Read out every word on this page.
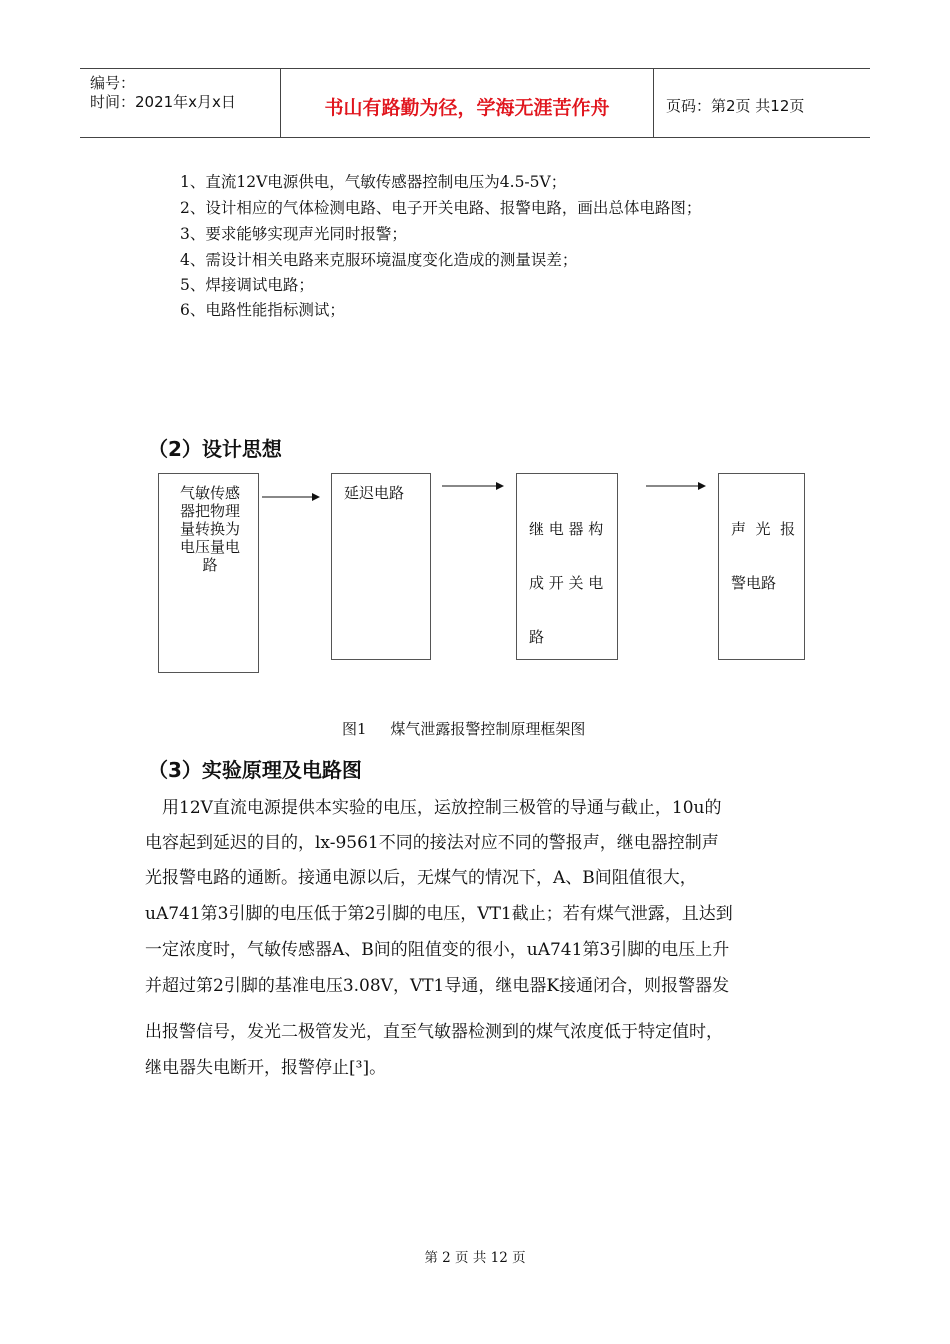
编号：
时间：2021年x月x日	书山有路勤为径，学海无涯苦作舟	页码：第2页 共12页
1、直流12V电源供电，气敏传感器控制电压为4.5-5V；
2、设计相应的气体检测电路、电子开关电路、报警电路，画出总体电路图；
3、要求能够实现声光同时报警；
4、需设计相关电路来克服环境温度变化造成的测量误差；
5、焊接调试电路；
6、电路性能指标测试；
（2）设计思想
气敏传感
器把物理
量转换为
电压量电
路
延迟电路

继 电 器 构

成 开 关 电

路

声  光  报

警电路

图1     煤气泄露报警控制原理框架图
（3）实验原理及电路图
　用12V直流电源提供本实验的电压，运放控制三极管的导通与截止，10u的
电容起到延迟的目的，lx-9561不同的接法对应不同的警报声，继电器控制声
光报警电路的通断。接通电源以后，无煤气的情况下，A、B间阻值很大，
uA741第3引脚的电压低于第2引脚的电压，VT1截止；若有煤气泄露，且达到
一定浓度时，气敏传感器A、B间的阻值变的很小，uA741第3引脚的电压上升
并超过第2引脚的基准电压3.08V，VT1导通，继电器K接通闭合，则报警器发
出报警信号，发光二极管发光，直至气敏器检测到的煤气浓度低于特定值时，
继电器失电断开，报警停止[³]。
第 2 页 共 12 页
